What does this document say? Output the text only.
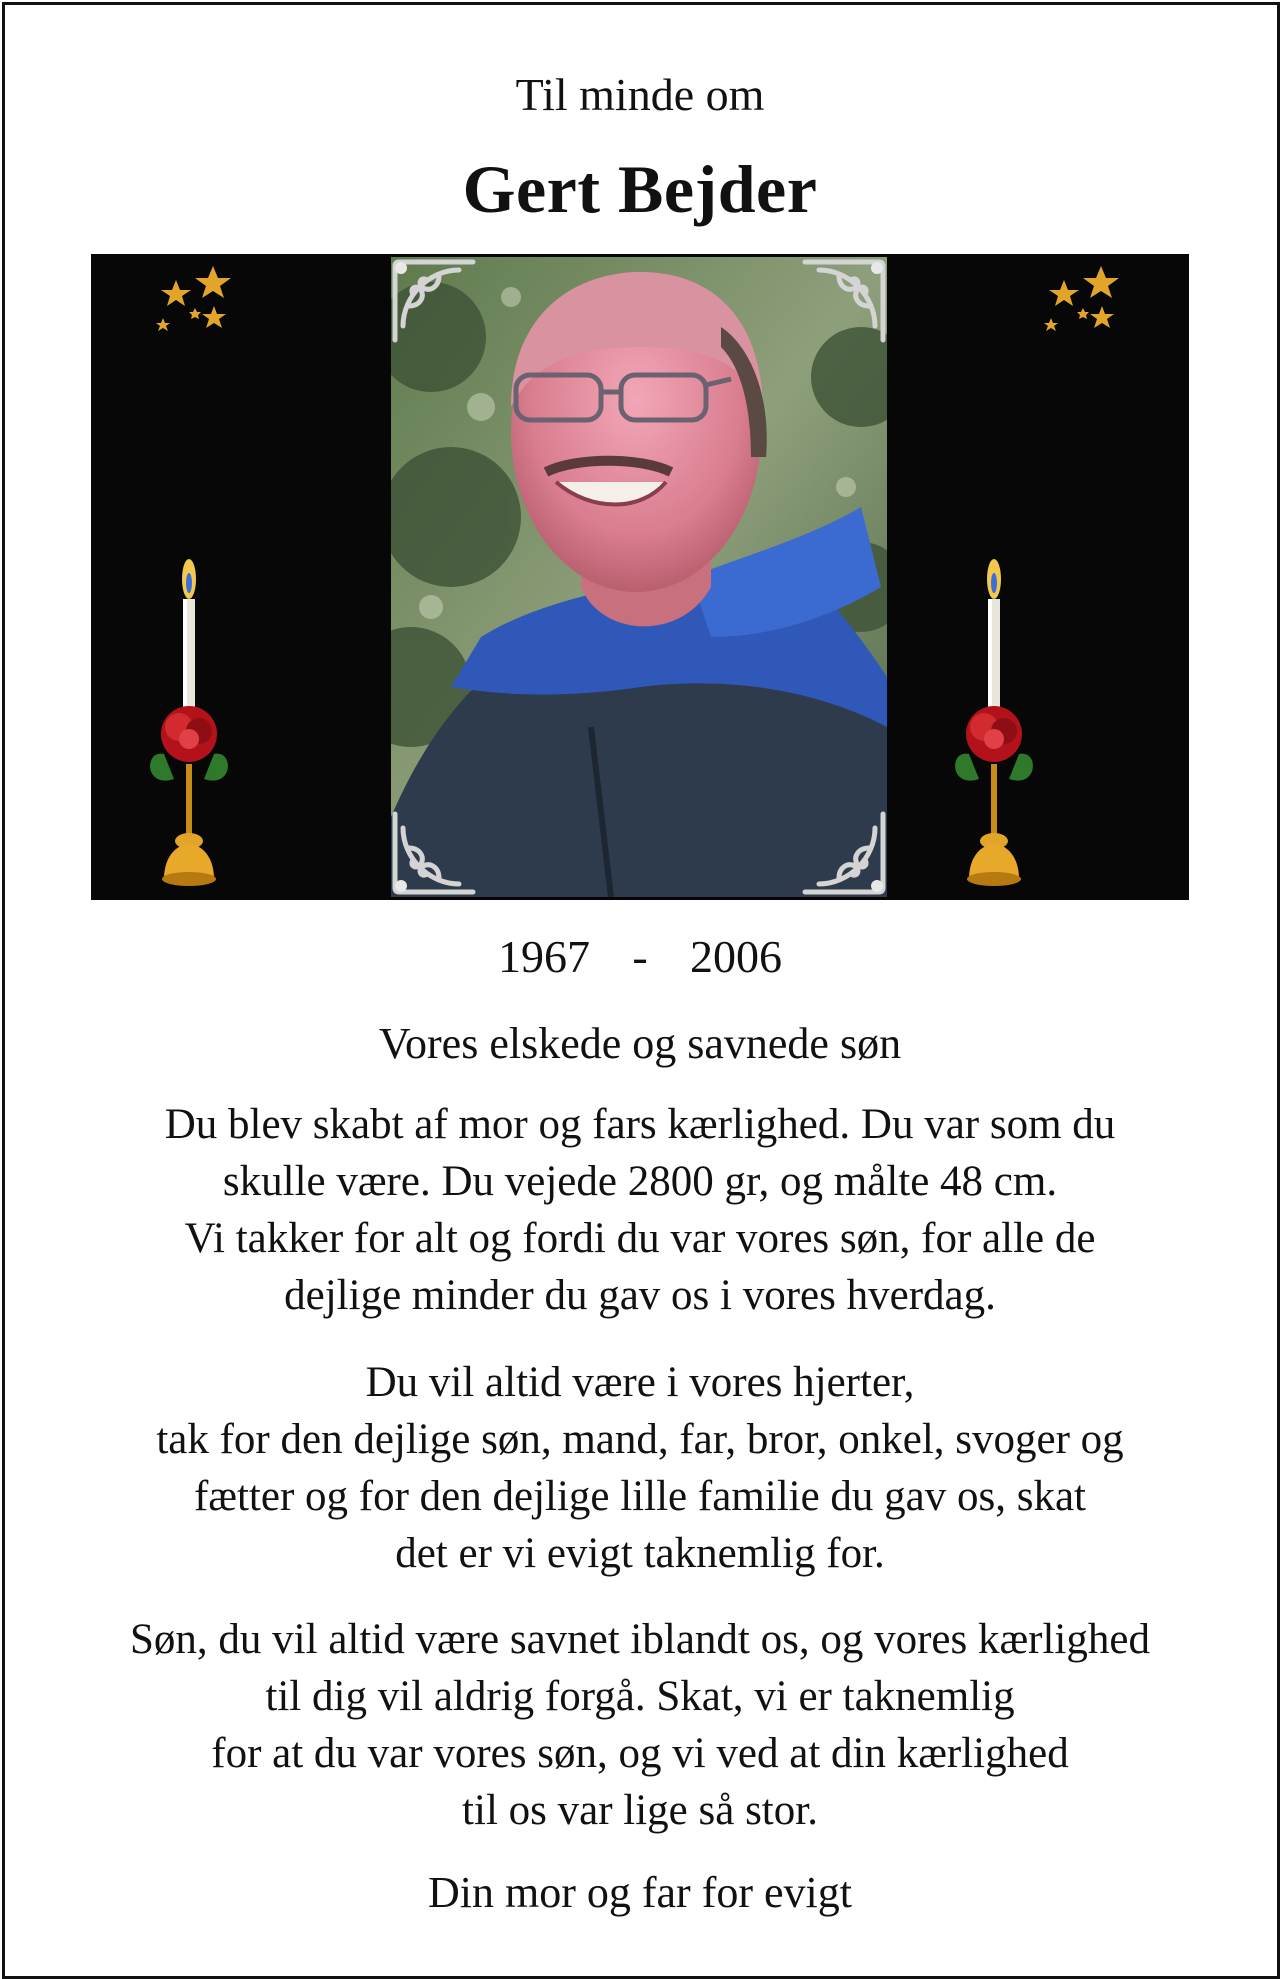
Til minde om
Gert Bejder
1967 - 2006
Vores elskede og savnede søn
Du blev skabt af mor og fars kærlighed. Du var som du
skulle være. Du vejede 2800 gr, og målte 48 cm.
Vi takker for alt og fordi du var vores søn, for alle de
dejlige minder du gav os i vores hverdag.
Du vil altid være i vores hjerter,
tak for den dejlige søn, mand, far, bror, onkel, svoger og
fætter og for den dejlige lille familie du gav os, skat
det er vi evigt taknemlig for.
Søn, du vil altid være savnet iblandt os, og vores kærlighed
til dig vil aldrig forgå. Skat, vi er taknemlig
for at du var vores søn, og vi ved at din kærlighed
til os var lige så stor.
Din mor og far for evigt
